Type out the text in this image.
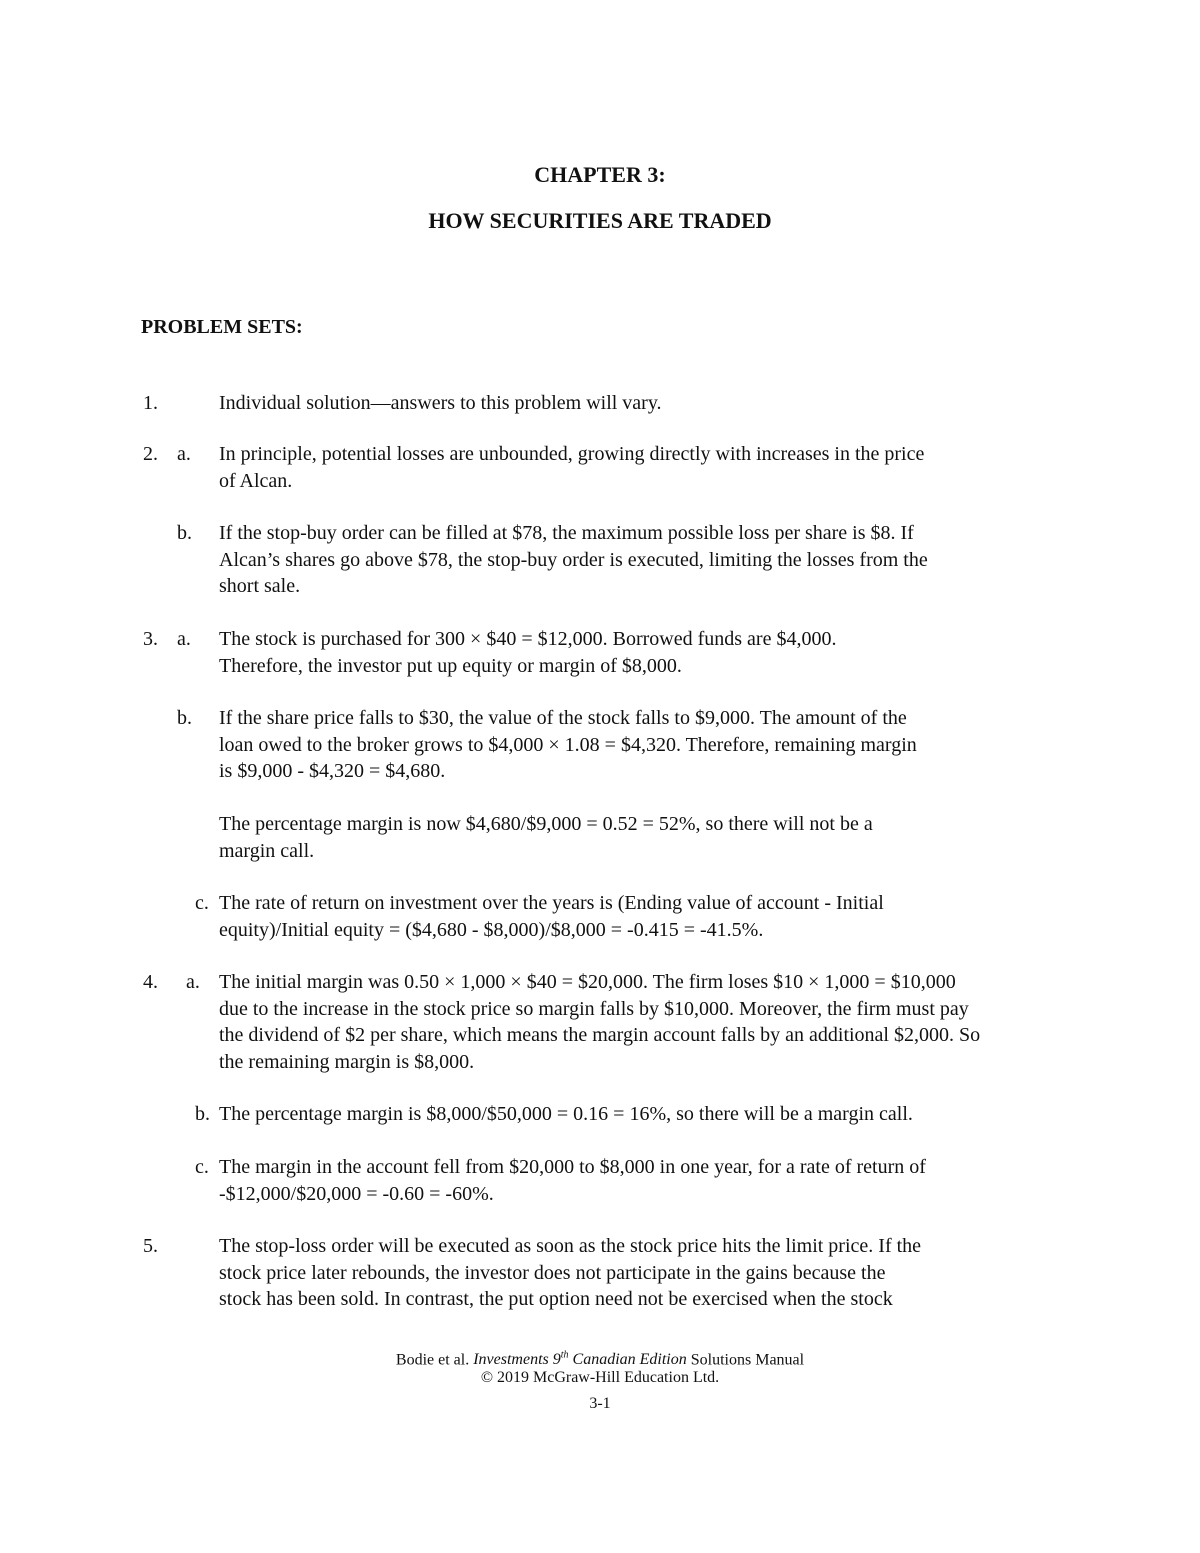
CHAPTER 3:
HOW SECURITIES ARE TRADED
PROBLEM SETS:
1.	Individual solution—answers to this problem will vary.
2. a. In principle, potential losses are unbounded, growing directly with increases in the price
of Alcan.
b. If the stop-buy order can be filled at $78, the maximum possible loss per share is $8. If
Alcan’s shares go above $78, the stop-buy order is executed, limiting the losses from the
short sale.
3. a. The stock is purchased for 300 × $40 = $12,000. Borrowed funds are $4,000.
Therefore, the investor put up equity or margin of $8,000.
b. If the share price falls to $30, the value of the stock falls to $9,000. The amount of the
loan owed to the broker grows to $4,000 × 1.08 = $4,320. Therefore, remaining margin
is $9,000 - $4,320 = $4,680.
The percentage margin is now $4,680/$9,000 = 0.52 = 52%, so there will not be a
margin call.
c. The rate of return on investment over the years is (Ending value of account - Initial
equity)/Initial equity = ($4,680 - $8,000)/$8,000 = -0.415 = -41.5%.
4. a. The initial margin was 0.50 × 1,000 × $40 = $20,000. The firm loses $10 × 1,000 = $10,000
due to the increase in the stock price so margin falls by $10,000. Moreover, the firm must pay
the dividend of $2 per share, which means the margin account falls by an additional $2,000. So
the remaining margin is $8,000.
b. The percentage margin is $8,000/$50,000 = 0.16 = 16%, so there will be a margin call.
c. The margin in the account fell from $20,000 to $8,000 in one year, for a rate of return of
-$12,000/$20,000 = -0.60 = -60%.
5.	The stop-loss order will be executed as soon as the stock price hits the limit price. If the
stock price later rebounds, the investor does not participate in the gains because the
stock has been sold. In contrast, the put option need not be exercised when the stock
Bodie et al. Investments 9th Canadian Edition Solutions Manual
© 2019 McGraw-Hill Education Ltd.
3-1
